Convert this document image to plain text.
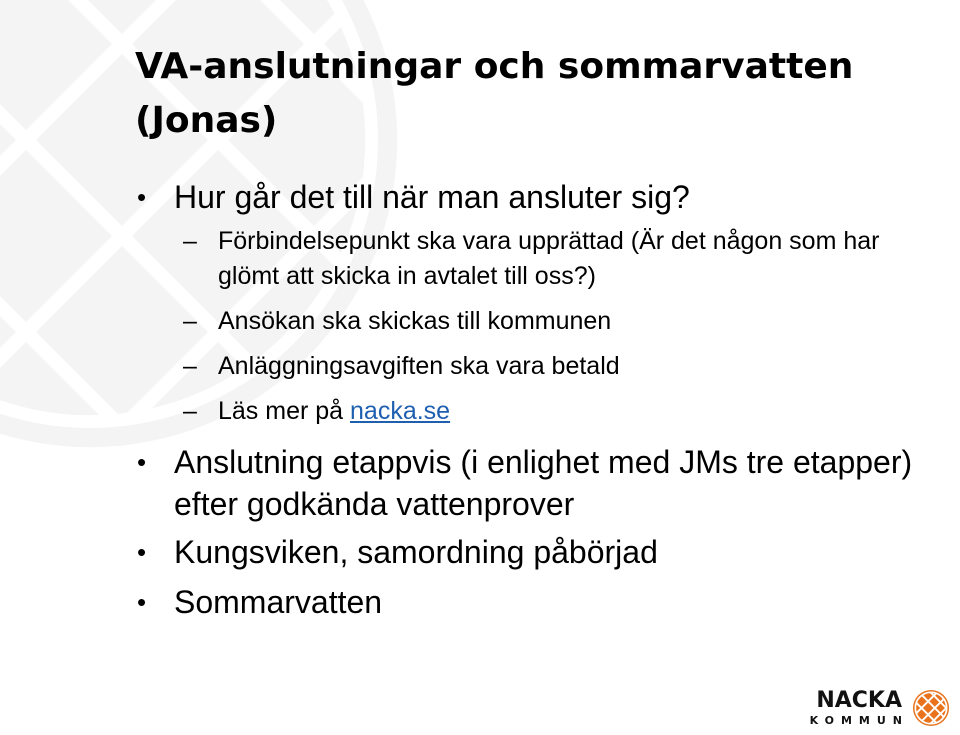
VA-anslutningar och sommarvatten (Jonas)
• Hur går det till när man ansluter sig?
– Förbindelsepunkt ska vara upprättad (Är det någon som har glömt att skicka in avtalet till oss?)
– Ansökan ska skickas till kommunen
– Anläggningsavgiften ska vara betald
– Läs mer på nacka.se
• Anslutning etappvis (i enlighet med JMs tre etapper) efter godkända vattenprover
• Kungsviken, samordning påbörjad
• Sommarvatten
NACKA
KOMMUN
